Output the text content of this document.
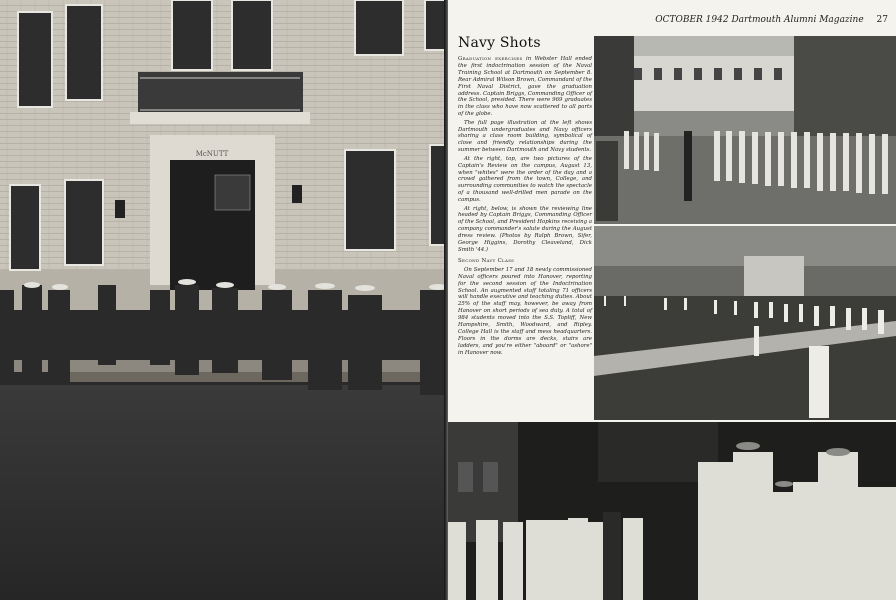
McNUTT
OCTOBER 1942 Dartmouth Alumni Magazine 27
Navy Shots

Graduation exercises in Webster Hall ended the first indoctrination session of the Naval Training School at Dartmouth on September 8. Rear Admiral Wilson Brown, Commandant of the First Naval District, gave the graduation address. Captain Briggs, Commanding Officer of the School, presided. There were 969 graduates in the class who have now scattered to all parts of the globe.

The full page illustration at the left shows Dartmouth undergraduates and Navy officers sharing a class room building, symbolical of close and friendly relationships during the summer between Dartmouth and Navy students.

At the right, top, are two pictures of the Captain's Review on the campus, August 13, when "whites" were the order of the day and a crowd gathered from the town, College, and surrounding communities to watch the spectacle of a thousand well-drilled men parade on the campus.

At right, below, is shown the reviewing line headed by Captain Briggs, Commanding Officer of the School, and President Hopkins receiving a company commander's salute during the August dress review. (Photos by Ralph Brown, Sifer, George Higgins, Dorothy Cleaveland, Dick Smith '44.)

Second Navy Class

On September 17 and 18 newly commissioned Naval officers poured into Hanover, reporting for the second session of the Indoctrination School. An augmented staff totaling 71 officers will handle executive and teaching duties. About 25% of the staff may, however, be away from Hanover on short periods of sea duty. A total of 984 students moved into the S.S. Topliff, New Hampshire, Smith, Woodward, and Ripley. College Hall is the staff and mess headquarters. Floors in the dorms are decks, stairs are ladders, and you're either "aboard" or "ashore" in Hanover now.
